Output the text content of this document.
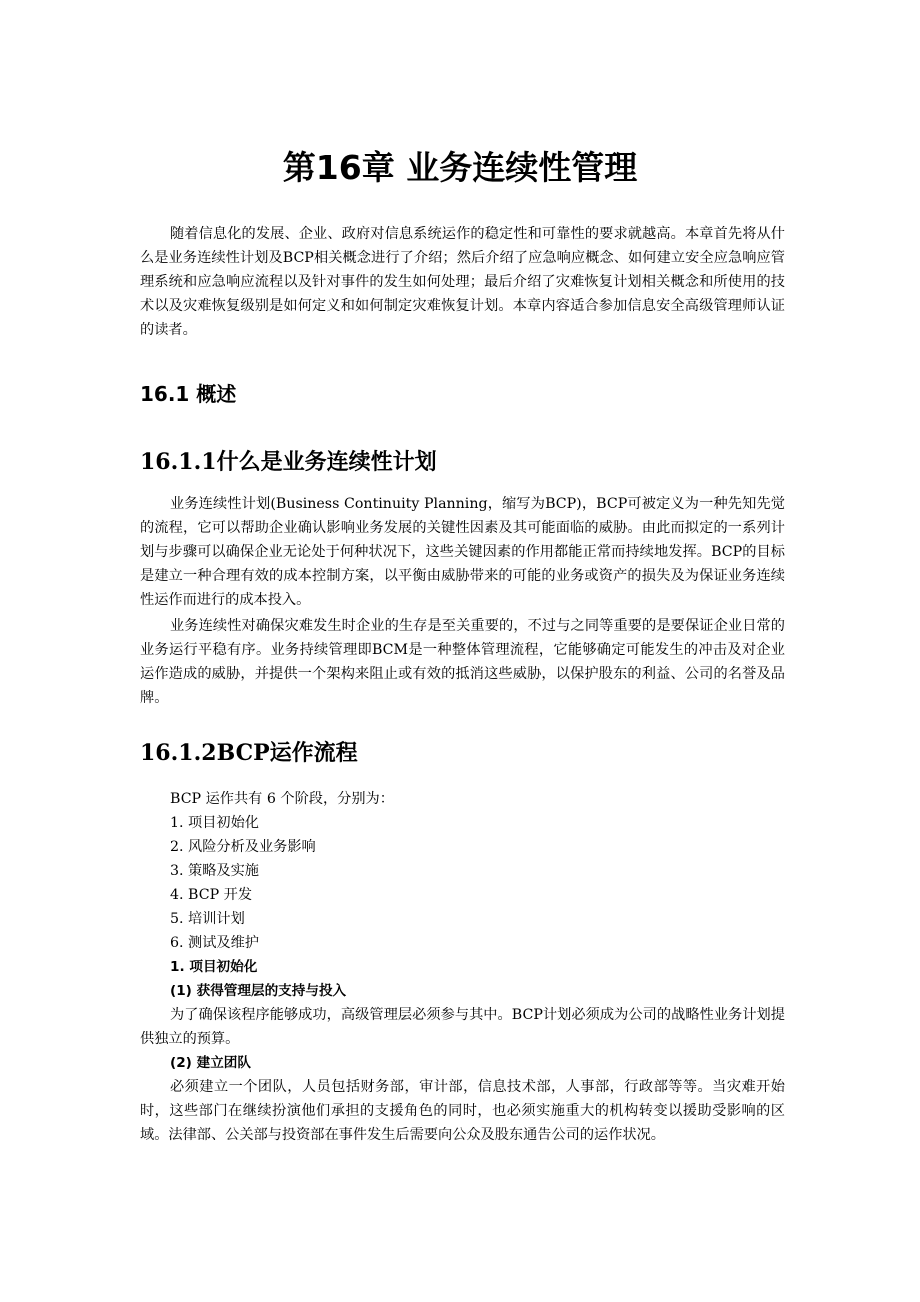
第16章 业务连续性管理

随着信息化的发展、企业、政府对信息系统运作的稳定性和可靠性的要求就越高。本章首先将从什么是业务连续性计划及BCP相关概念进行了介绍；然后介绍了应急响应概念、如何建立安全应急响应管理系统和应急响应流程以及针对事件的发生如何处理；最后介绍了灾难恢复计划相关概念和所使用的技术以及灾难恢复级别是如何定义和如何制定灾难恢复计划。本章内容适合参加信息安全高级管理师认证的读者。

16.1 概述
16.1.1什么是业务连续性计划

业务连续性计划(Business Continuity Planning，缩写为BCP)，BCP可被定义为一种先知先觉的流程，它可以帮助企业确认影响业务发展的关键性因素及其可能面临的威胁。由此而拟定的一系列计划与步骤可以确保企业无论处于何种状况下，这些关键因素的作用都能正常而持续地发挥。BCP的目标是建立一种合理有效的成本控制方案，以平衡由威胁带来的可能的业务或资产的损失及为保证业务连续性运作而进行的成本投入。

业务连续性对确保灾难发生时企业的生存是至关重要的，不过与之同等重要的是要保证企业日常的业务运行平稳有序。业务持续管理即BCM是一种整体管理流程，它能够确定可能发生的冲击及对企业运作造成的威胁，并提供一个架构来阻止或有效的抵消这些威胁，以保护股东的利益、公司的名誉及品牌。

16.1.2BCP运作流程

BCP 运作共有 6 个阶段，分别为：

1. 项目初始化

2. 风险分析及业务影响

3. 策略及实施

4. BCP 开发

5. 培训计划

6. 测试及维护

1. 项目初始化

(1) 获得管理层的支持与投入

为了确保该程序能够成功，高级管理层必须参与其中。BCP计划必须成为公司的战略性业务计划提供独立的预算。

(2) 建立团队

必须建立一个团队，人员包括财务部，审计部，信息技术部，人事部，行政部等等。当灾难开始时，这些部门在继续扮演他们承担的支援角色的同时，也必须实施重大的机构转变以援助受影响的区域。法律部、公关部与投资部在事件发生后需要向公众及股东通告公司的运作状况。
